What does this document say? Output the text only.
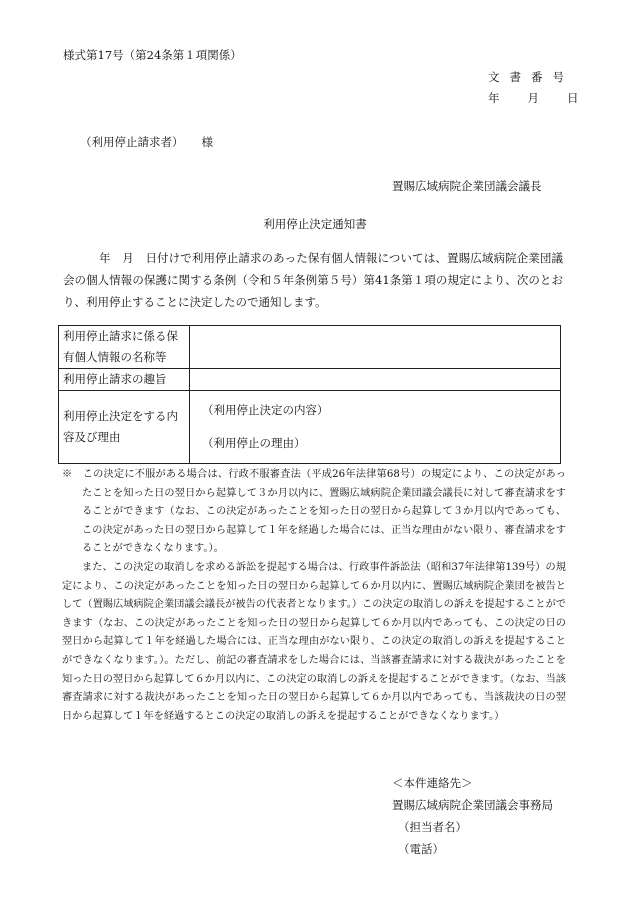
様式第17号（第24条第１項関係）
文書番号
年 月 日
（利用停止請求者） 様
置賜広域病院企業団議会議長
利用停止決定通知書

年　月　日付けで利用停止請求のあった保有個人情報については、置賜広域病院企業団議会の個人情報の保護に関する条例（令和５年条例第５号）第41条第１項の規定により、次のとおり、利用停止することに決定したので通知します。

利用停止請求に係る保有個人情報の名称等	
利用停止請求の趣旨	
利用停止決定をする内容及び理由	（利用停止決定の内容）
（利用停止の理由）

※　この決定に不服がある場合は、行政不服審査法（平成26年法律第68号）の規定により、この決定があったことを知った日の翌日から起算して３か月以内に、置賜広域病院企業団議会議長に対して審査請求をすることができます（なお、この決定があったことを知った日の翌日から起算して３か月以内であっても、この決定があった日の翌日から起算して１年を経過した場合には、正当な理由がない限り、審査請求をすることができなくなります。）。

また、この決定の取消しを求める訴訟を提起する場合は、行政事件訴訟法（昭和37年法律第139号）の規定により、この決定があったことを知った日の翌日から起算して６か月以内に、置賜広域病院企業団を被告として（置賜広域病院企業団議会議長が被告の代表者となります。）この決定の取消しの訴えを提起することができます（なお、この決定があったことを知った日の翌日から起算して６か月以内であっても、この決定の日の翌日から起算して１年を経過した場合には、正当な理由がない限り、この決定の取消しの訴えを提起することができなくなります。）。ただし、前記の審査請求をした場合には、当該審査請求に対する裁決があったことを知った日の翌日から起算して６か月以内に、この決定の取消しの訴えを提起することができます。（なお、当該審査請求に対する裁決があったことを知った日の翌日から起算して６か月以内であっても、当該裁決の日の翌日から起算して１年を経過するとこの決定の取消しの訴えを提起することができなくなります。）

＜本件連絡先＞
置賜広域病院企業団議会事務局
（担当者名）
（電話）
